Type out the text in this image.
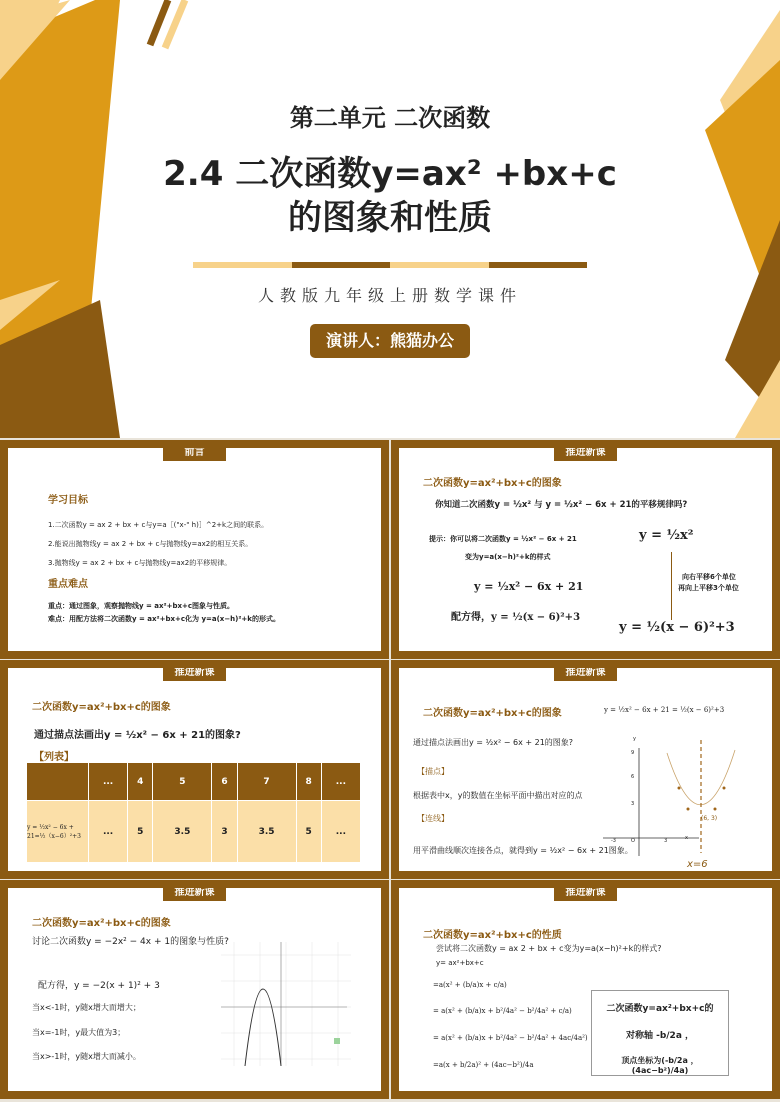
第二单元 二次函数
2.4 二次函数y=ax² +bx+c
的图象和性质
人教版九年级上册数学课件
演讲人：熊猫办公
前言
学习目标
1.二次函数y = ax 2 + bx + c与y=a［("x-" h)］^2+k之间的联系。
2.能说出抛物线y = ax 2 + bx + c与抛物线y=ax2的相互关系。
3.抛物线y = ax 2 + bx + c与抛物线y=ax2的平移规律。
重点难点
重点：通过图象，观察抛物线y = ax²+bx+c图象与性质。
难点：用配方法将二次函数y = ax²+bx+c化为 y=a(x−h)²+k的形式。
推进新课
二次函数y=ax²+bx+c的图象
你知道二次函数y = ½x² 与 y = ½x² − 6x + 21的平移规律吗?
提示：你可以将二次函数y = ½x² − 6x + 21
变为y=a(x−h)²+k的样式
y = ½x² − 6x + 21
配方得，y = ½(x − 6)²+3
y = ½x²
向右平移6个单位
再向上平移3个单位
y = ½(x − 6)²+3
推进新课
二次函数y=ax²+bx+c的图象
通过描点法画出y = ½x² − 6x + 21的图象?
【列表】
	...	4	5	6	7	8	...
y = ½x² − 6x + 21=½（x−6）²+3	...	5	3.5	3	3.5	5	...
推进新课
二次函数y=ax²+bx+c的图象	y = ½x² − 6x + 21 = ½(x − 6)²+3
通过描点法画出y = ½x² − 6x + 21的图象?
【描点】
根据表中x，y的数值在坐标平面中描出对应的点
【连线】
用平滑曲线顺次连接各点，就得到y = ½x² − 6x + 21图象。
y
9
6
3
-3	O	3	x
(6, 3)
x=6
推进新课
二次函数y=ax²+bx+c的图象
讨论二次函数y = −2x² − 4x + 1的图象与性质?
配方得，y = −2(x + 1)² + 3
当x<-1时，y随x增大而增大；
当x=-1时，y最大值为3；
当x>-1时，y随x增大而减小。
推进新课
二次函数y=ax²+bx+c的性质
尝试将二次函数y = ax 2 + bx + c变为y=a(x−h)²+k的样式?
y= ax²+bx+c
=a(x² + (b/a)x + c/a)
= a(x² + (b/a)x + b²/4a² − b²/4a² + c/a)
= a(x² + (b/a)x + b²/4a² − b²/4a² + 4ac/4a²)
=a(x + b/2a)² + (4ac−b²)/4a
二次函数y=ax²+bx+c的
对称轴 -b/2a ，
顶点坐标为(-b/2a ， (4ac−b²)/4a)
